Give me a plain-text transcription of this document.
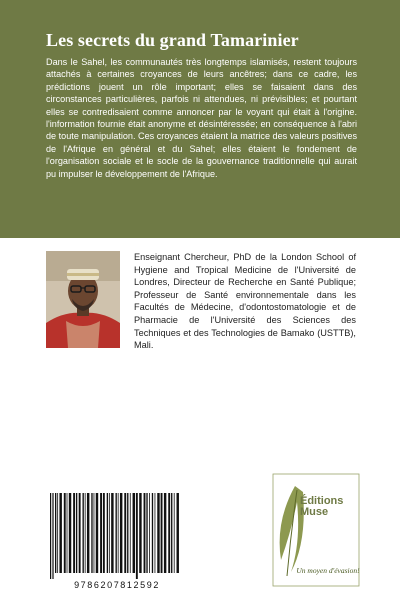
Les secrets du grand Tamarinier

Dans le Sahel, les communautés très longtemps islamisés, restent toujours attachés à certaines croyances de leurs ancêtres; dans ce cadre, les prédictions jouent un rôle important; elles se faisaient dans des circonstances particulières, parfois ni attendues, ni prévisibles; et pourtant elles se contredisaient comme annoncer par le voyant qui était à l'origine. l'information fournie était anonyme et désintéressée; en conséquence à l'abri de toute manipulation. Ces croyances étaient la matrice des valeurs positives de l'Afrique en général et du Sahel; elles étaient le fondement de l'organisation sociale et le socle de la gouvernance traditionnelle qui aurait pu impulser le développement de l'Afrique.

Enseignant Chercheur, PhD de la London School of Hygiene and Tropical Medicine de l'Université de Londres, Directeur de Recherche en Santé Publique; Professeur de Santé environnementale dans les Facultés de Médecine, d'odontostomatologie et de Pharmacie de l'Université des Sciences des Techniques et des Technologies de Bamako (USTTB), Mali.

9786207812592
Éditions
Muse
Un moyen d'évasion!
